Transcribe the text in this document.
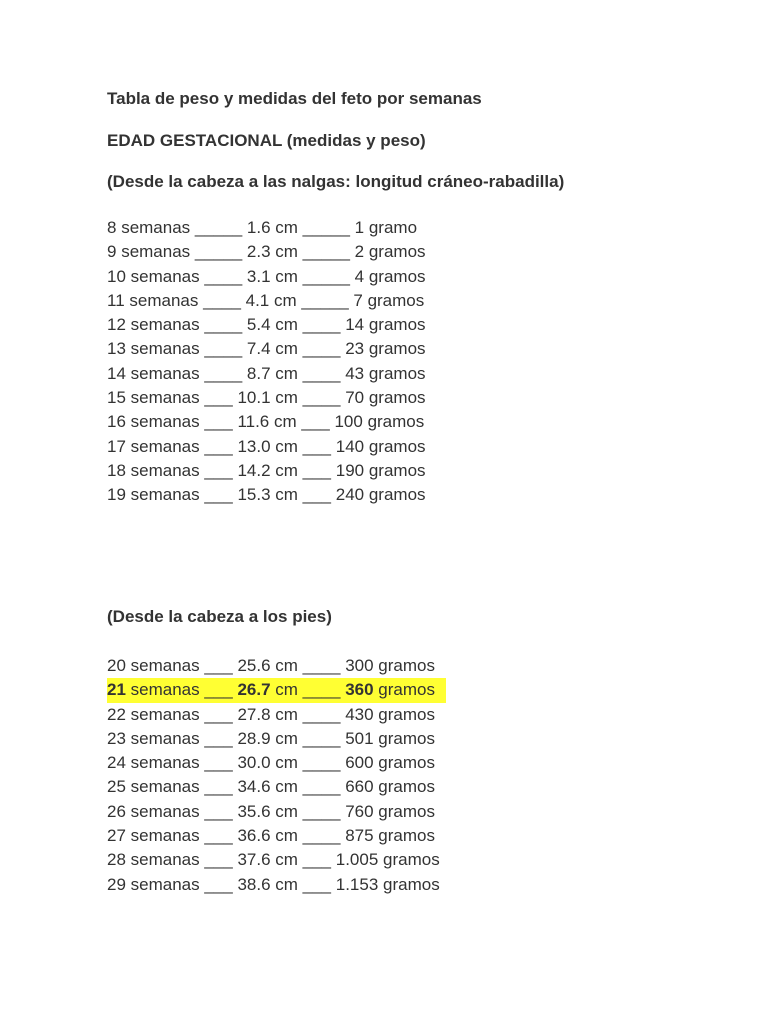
Tabla de peso y medidas del feto por semanas
EDAD GESTACIONAL (medidas y peso)
(Desde la cabeza a las nalgas: longitud cráneo-rabadilla)
8 semanas _____ 1.6 cm _____ 1 gramo
9 semanas _____ 2.3 cm _____ 2 gramos
10 semanas ____ 3.1 cm _____ 4 gramos
11 semanas ____ 4.1 cm _____ 7 gramos
12 semanas ____ 5.4 cm ____ 14 gramos
13 semanas ____ 7.4 cm ____ 23 gramos
14 semanas ____ 8.7 cm ____ 43 gramos
15 semanas ___ 10.1 cm ____ 70 gramos
16 semanas ___ 11.6 cm ___ 100 gramos
17 semanas ___ 13.0 cm ___ 140 gramos
18 semanas ___ 14.2 cm ___ 190 gramos
19 semanas ___ 15.3 cm ___ 240 gramos
(Desde la cabeza a los pies)
20 semanas ___ 25.6 cm ____ 300 gramos
21 semanas ___ 26.7 cm ____ 360 gramos
22 semanas ___ 27.8 cm ____ 430 gramos
23 semanas ___ 28.9 cm ____ 501 gramos
24 semanas ___ 30.0 cm ____ 600 gramos
25 semanas ___ 34.6 cm ____ 660 gramos
26 semanas ___ 35.6 cm ____ 760 gramos
27 semanas ___ 36.6 cm ____ 875 gramos
28 semanas ___ 37.6 cm ___ 1.005 gramos
29 semanas ___ 38.6 cm ___ 1.153 gramos
